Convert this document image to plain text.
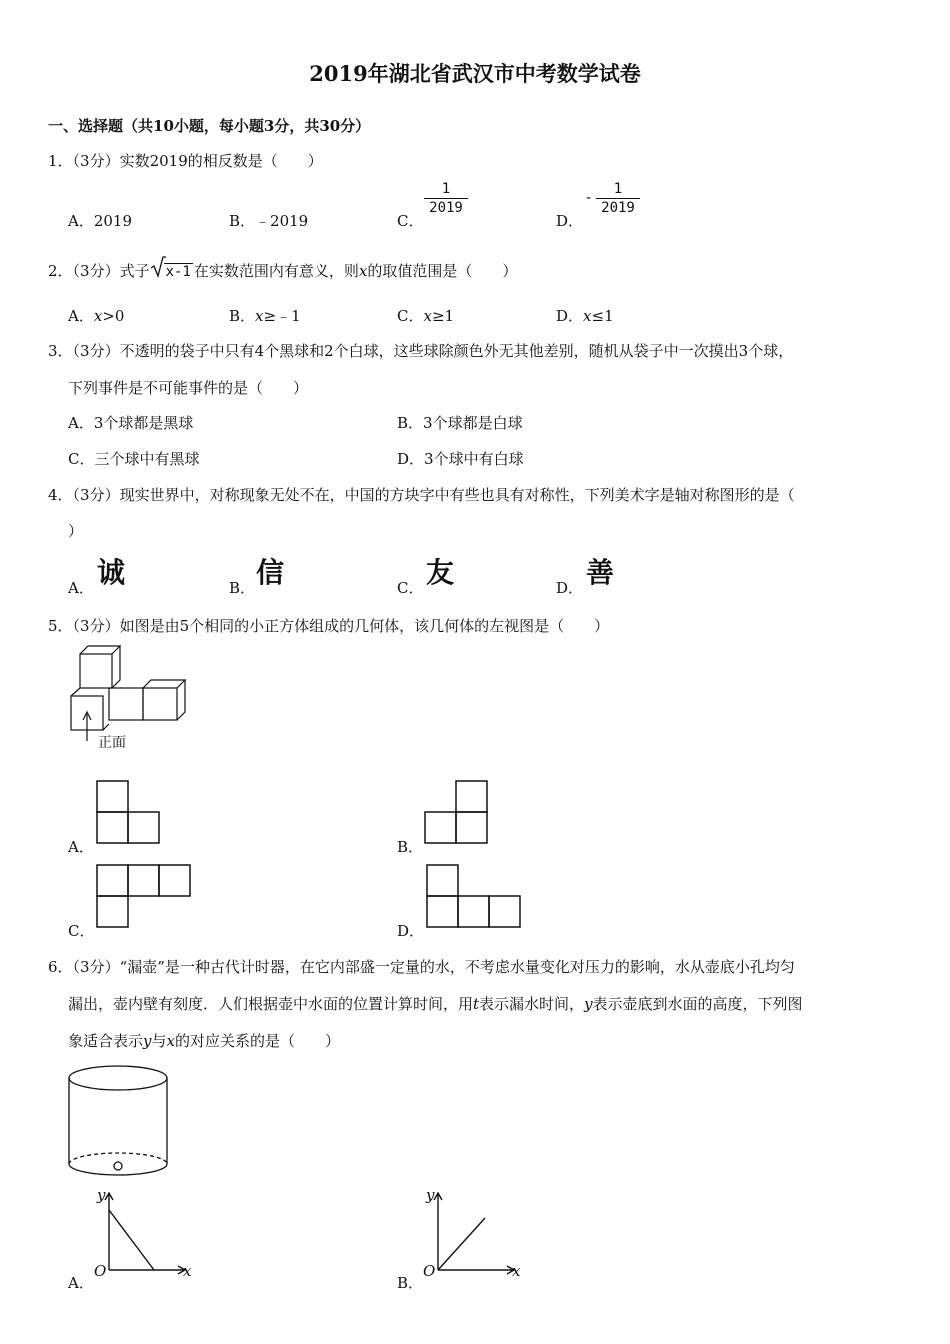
2019年湖北省武汉市中考数学试卷
一、选择题（共10小题，每小题3分，共30分）
1．（3分）实数2019的相反数是（　　）
A．2019	B．﹣2019	C．
1
2019
D．
-	1
2019
2．（3分）式子 x-1 在实数范围内有意义，则x的取值范围是（　　）
A．x>0	B．x≥﹣1	C．x≥1	D．x≤1
3．（3分）不透明的袋子中只有4个黑球和2个白球，这些球除颜色外无其他差别，随机从袋子中一次摸出3个球，
下列事件是不可能事件的是（　　）
A．3个球都是黑球	B．3个球都是白球
C．三个球中有黑球	D．3个球中有白球
4．（3分）现实世界中，对称现象无处不在，中国的方块字中有些也具有对称性，下列美术字是轴对称图形的是（
）
A． 诚	B． 信	C． 友	D． 善
5．（3分）如图是由5个相同的小正方体组成的几何体，该几何体的左视图是（　　）
正面
A．	B．
C．	D．
6．（3分）“漏壶”是一种古代计时器，在它内部盛一定量的水，不考虑水量变化对压力的影响，水从壶底小孔均匀
漏出，壶内壁有刻度．人们根据壶中水面的位置计算时间，用t表示漏水时间，y表示壶底到水面的高度，下列图
象适合表示y与x的对应关系的是（　　）
A．
y
x
O
B．
y
x
O
